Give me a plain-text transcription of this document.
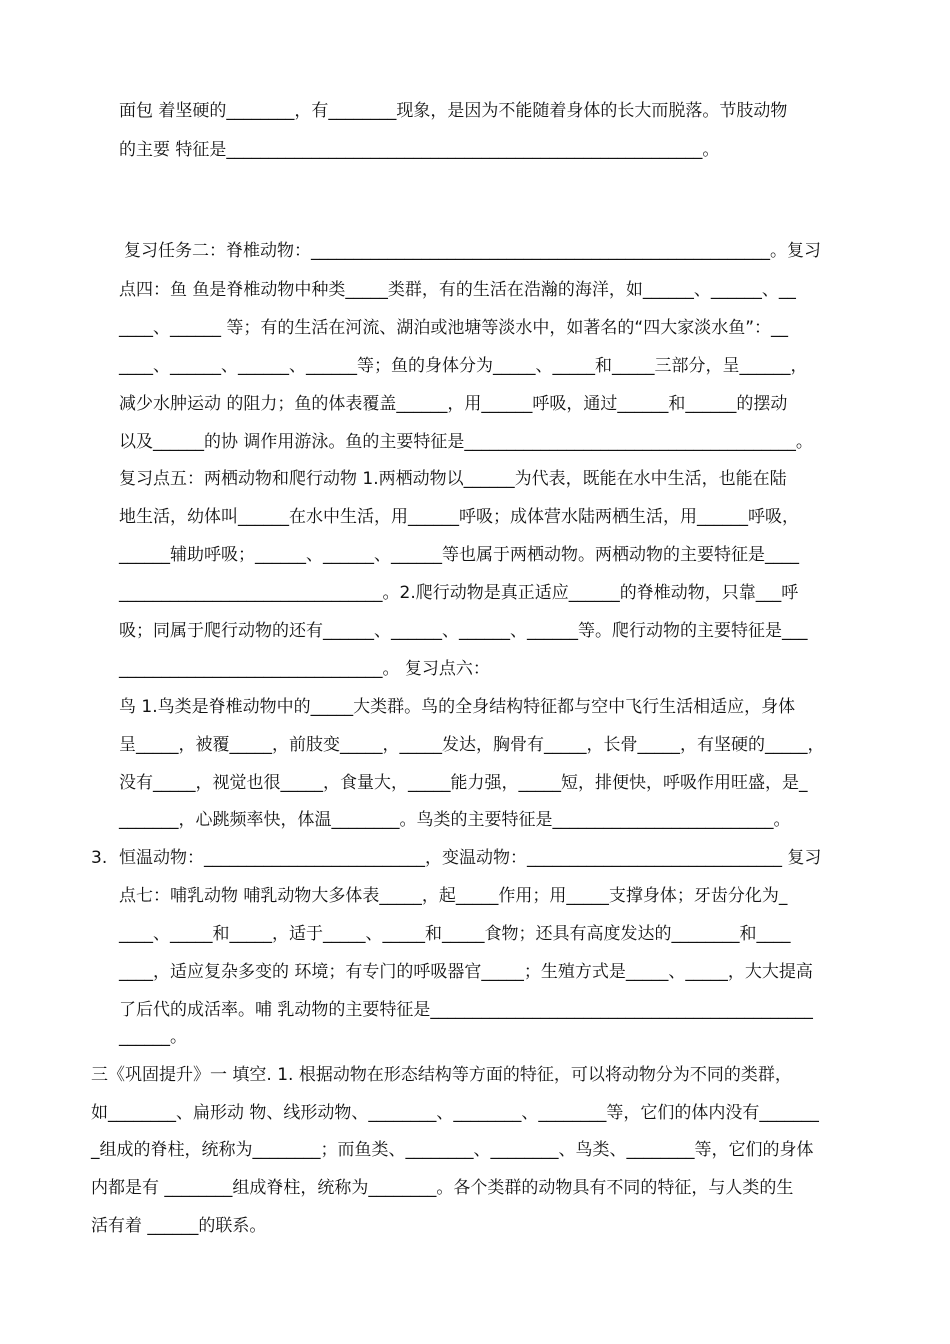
面包 着坚硬的________，有________现象，是因为不能随着身体的长大而脱落。节肢动物
的主要 特征是________________________________________________________。
复习任务二：脊椎动物：______________________________________________________。复习
点四：鱼 鱼是脊椎动物中种类_____类群，有的生活在浩瀚的海洋，如______、______、__
____、______ 等；有的生活在河流、湖泊或池塘等淡水中，如著名的“四大家淡水鱼”：__
____、______、______、______等；鱼的身体分为_____、_____和_____三部分，呈______，
减少水肿运动 的阻力；鱼的体表覆盖______，用______呼吸，通过______和______的摆动
以及______的协 调作用游泳。鱼的主要特征是_______________________________________。
复习点五：两栖动物和爬行动物 1.两栖动物以______为代表，既能在水中生活，也能在陆
地生活，幼体叫______在水中生活，用______呼吸；成体营水陆两栖生活，用______呼吸，
______辅助呼吸；______、______、______等也属于两栖动物。两栖动物的主要特征是____
_______________________________。2.爬行动物是真正适应______的脊椎动物，只靠___呼
吸；同属于爬行动物的还有______、______、______、______等。爬行动物的主要特征是___
_______________________________。 复习点六：
鸟 1.鸟类是脊椎动物中的_____大类群。鸟的全身结构特征都与空中飞行生活相适应，身体
呈_____，被覆_____，前肢变_____，_____发达，胸骨有_____，长骨_____，有坚硬的_____，
没有_____，视觉也很_____，食量大，_____能力强，_____短，排便快，呼吸作用旺盛，是_
_______，心跳频率快，体温________。鸟类的主要特征是__________________________。
3. 恒温动物：__________________________，变温动物：______________________________ 复习
点七：哺乳动物 哺乳动物大多体表_____，起_____作用；用_____支撑身体；牙齿分化为_
____、_____和_____，适于_____、_____和_____食物；还具有高度发达的________和____
____，适应复杂多变的 环境；有专门的呼吸器官_____；生殖方式是_____、_____，大大提高
了后代的成活率。哺 乳动物的主要特征是_____________________________________________
______。
三《巩固提升》一 填空. 1. 根据动物在形态结构等方面的特征，可以将动物分为不同的类群，
如________、扁形动 物、线形动物、________、________、________等，它们的体内没有_______
_组成的脊柱，统称为________；而鱼类、________、________、鸟类、________等，它们的身体
内都是有 ________组成脊柱，统称为________。各个类群的动物具有不同的特征，与人类的生
活有着 ______的联系。
